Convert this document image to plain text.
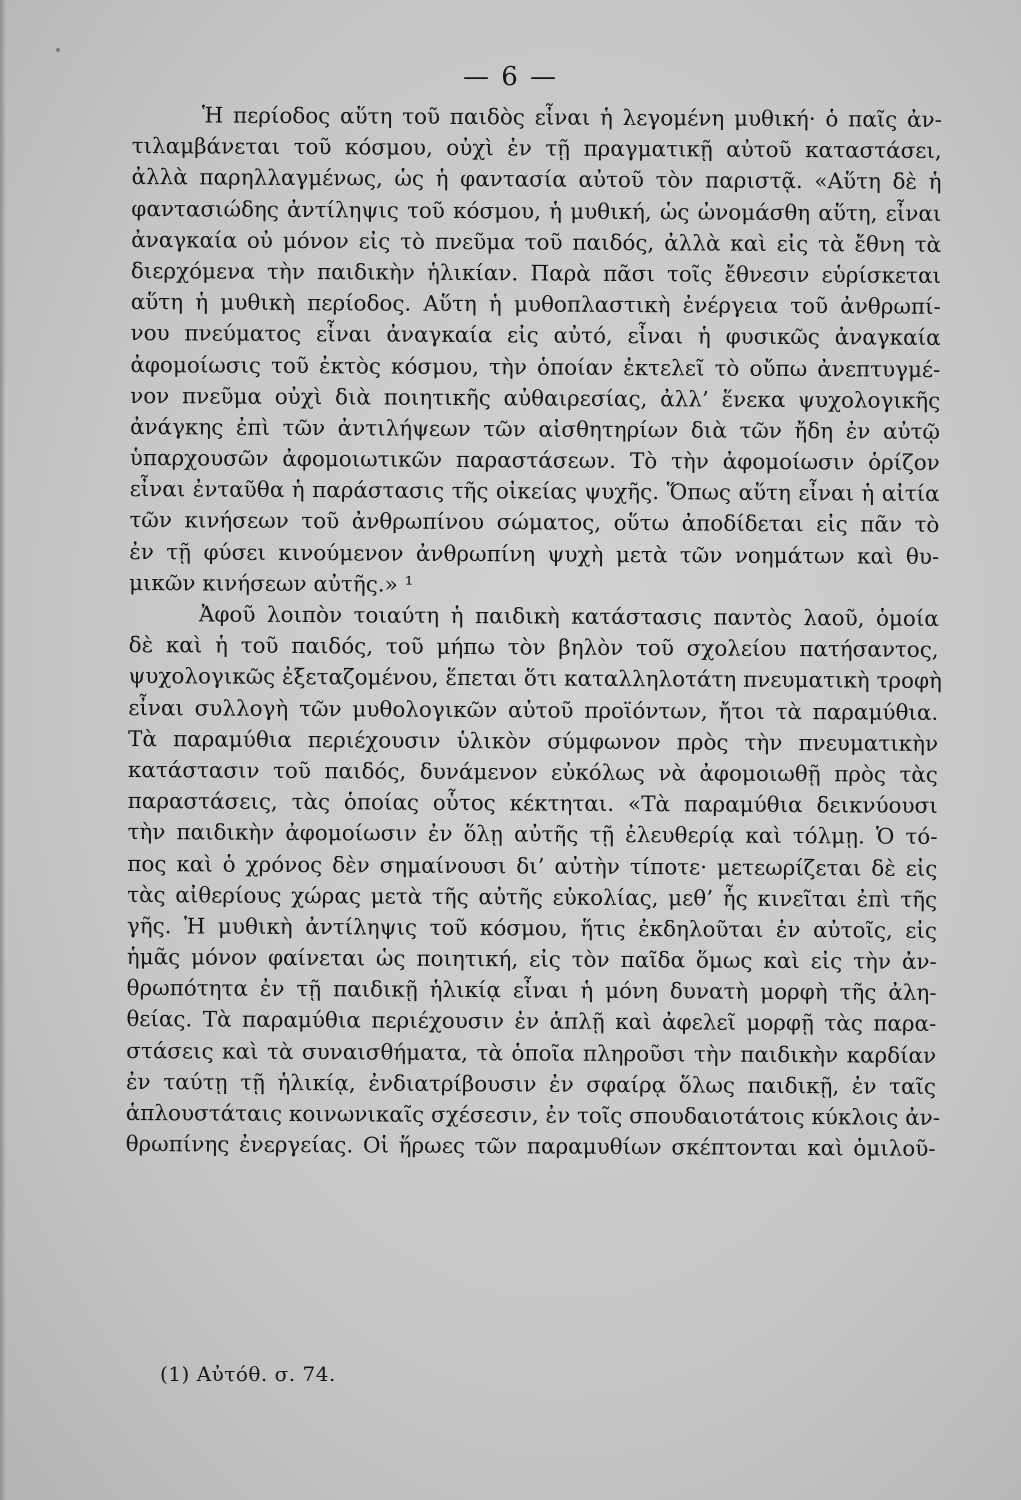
— 6 —
Ἡ περίοδος αὕτη τοῦ παιδὸς εἶναι ἡ λεγομένη μυθική· ὁ παῖς ἀν-
τιλαμβάνεται τοῦ κόσμου, οὐχὶ ἐν τῇ πραγματικῇ αὐτοῦ καταστάσει,
ἀλλὰ παρηλλαγμένως, ὡς ἡ φαντασία αὐτοῦ τὸν παριστᾷ. «Αὕτη δὲ ἡ
φαντασιώδης ἀντίληψις τοῦ κόσμου, ἡ μυθική, ὡς ὠνομάσθη αὕτη, εἶναι
ἀναγκαία οὐ μόνον εἰς τὸ πνεῦμα τοῦ παιδός, ἀλλὰ καὶ εἰς τὰ ἔθνη τὰ
διερχόμενα τὴν παιδικὴν ἡλικίαν. Παρὰ πᾶσι τοῖς ἔθνεσιν εὑρίσκεται
αὕτη ἡ μυθικὴ περίοδος. Αὕτη ἡ μυθοπλαστικὴ ἐνέργεια τοῦ ἀνθρωπί-
νου πνεύματος εἶναι ἀναγκαία εἰς αὐτό, εἶναι ἡ φυσικῶς ἀναγκαία
ἀφομοίωσις τοῦ ἐκτὸς κόσμου, τὴν ὁποίαν ἐκτελεῖ τὸ οὔπω ἀνεπτυγμέ-
νον πνεῦμα οὐχὶ διὰ ποιητικῆς αὐθαιρεσίας, ἀλλ’ ἕνεκα ψυχολογικῆς
ἀνάγκης ἐπὶ τῶν ἀντιλήψεων τῶν αἰσθητηρίων διὰ τῶν ἤδη ἐν αὐτῷ
ὑπαρχουσῶν ἀφομοιωτικῶν παραστάσεων. Τὸ τὴν ἀφομοίωσιν ὁρίζον
εἶναι ἐνταῦθα ἡ παράστασις τῆς οἰκείας ψυχῆς. Ὅπως αὕτη εἶναι ἡ αἰτία
τῶν κινήσεων τοῦ ἀνθρωπίνου σώματος, οὕτω ἀποδίδεται εἰς πᾶν τὸ
ἐν τῇ φύσει κινούμενον ἀνθρωπίνη ψυχὴ μετὰ τῶν νοημάτων καὶ θυ-
μικῶν κινήσεων αὐτῆς.» ¹
Ἀφοῦ λοιπὸν τοιαύτη ἡ παιδικὴ κατάστασις παντὸς λαοῦ, ὁμοία
δὲ καὶ ἡ τοῦ παιδός, τοῦ μήπω τὸν βηλὸν τοῦ σχολείου πατήσαντος,
ψυχολογικῶς ἐξεταζομένου, ἕπεται ὅτι καταλληλοτάτη πνευματικὴ τροφὴ
εἶναι συλλογὴ τῶν μυθολογικῶν αὐτοῦ προϊόντων, ἤτοι τὰ παραμύθια.
Τὰ παραμύθια περιέχουσιν ὑλικὸν σύμφωνον πρὸς τὴν πνευματικὴν
κατάστασιν τοῦ παιδός, δυνάμενον εὐκόλως νὰ ἀφομοιωθῇ πρὸς τὰς
παραστάσεις, τὰς ὁποίας οὗτος κέκτηται. «Τὰ παραμύθια δεικνύουσι
τὴν παιδικὴν ἀφομοίωσιν ἐν ὅλῃ αὐτῆς τῇ ἐλευθερίᾳ καὶ τόλμῃ. Ὁ τό-
πος καὶ ὁ χρόνος δὲν σημαίνουσι δι’ αὐτὴν τίποτε· μετεωρίζεται δὲ εἰς
τὰς αἰθερίους χώρας μετὰ τῆς αὐτῆς εὐκολίας, μεθ’ ἧς κινεῖται ἐπὶ τῆς
γῆς. Ἡ μυθικὴ ἀντίληψις τοῦ κόσμου, ἥτις ἐκδηλοῦται ἐν αὐτοῖς, εἰς
ἡμᾶς μόνον φαίνεται ὡς ποιητική, εἰς τὸν παῖδα ὅμως καὶ εἰς τὴν ἀν-
θρωπότητα ἐν τῇ παιδικῇ ἡλικίᾳ εἶναι ἡ μόνη δυνατὴ μορφὴ τῆς ἀλη-
θείας. Τὰ παραμύθια περιέχουσιν ἐν ἁπλῇ καὶ ἀφελεῖ μορφῇ τὰς παρα-
στάσεις καὶ τὰ συναισθήματα, τὰ ὁποῖα πληροῦσι τὴν παιδικὴν καρδίαν
ἐν ταύτῃ τῇ ἡλικίᾳ, ἐνδιατρίβουσιν ἐν σφαίρᾳ ὅλως παιδικῇ, ἐν ταῖς
ἁπλουστάταις κοινωνικαῖς σχέσεσιν, ἐν τοῖς σπουδαιοτάτοις κύκλοις ἀν-
θρωπίνης ἐνεργείας. Οἱ ἥρωες τῶν παραμυθίων σκέπτονται καὶ ὁμιλοῦ-
(1) Αὐτόθ. σ. 74.
